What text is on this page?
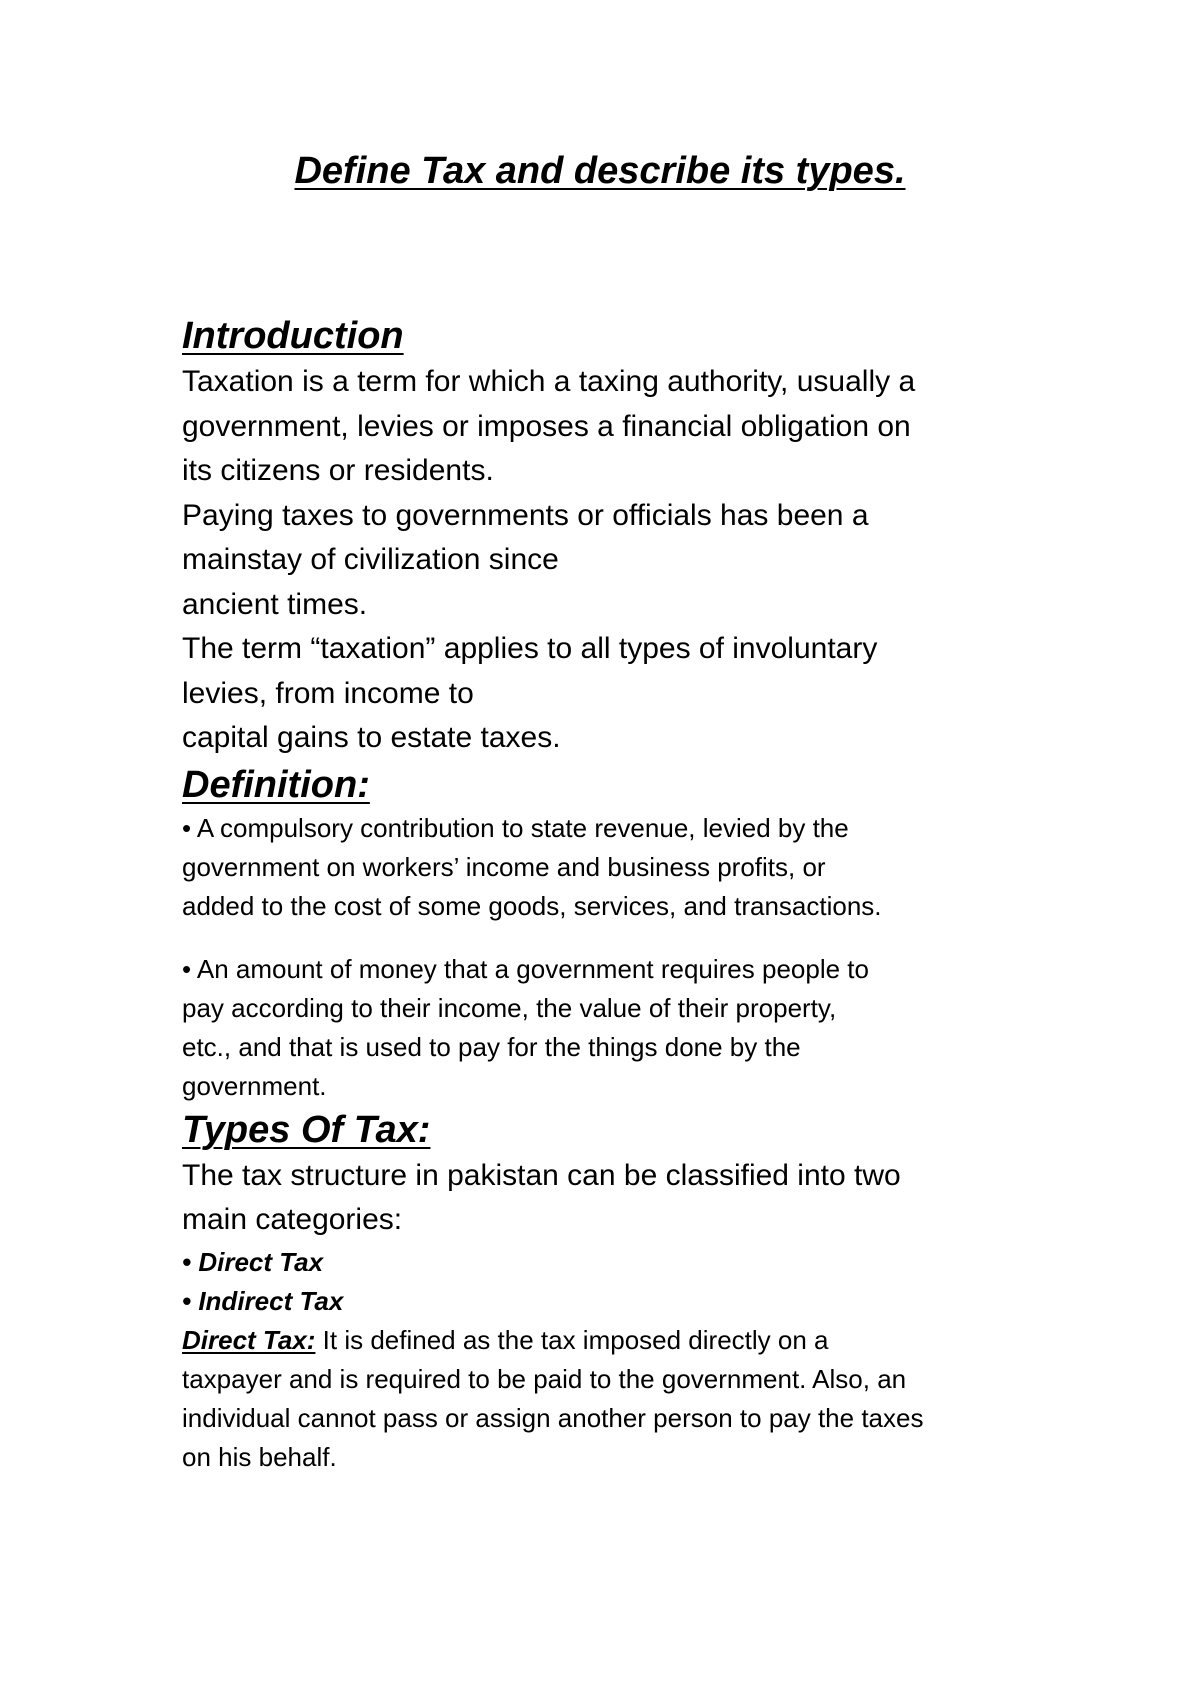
Define Tax and describe its types.
Introduction

Taxation is a term for which a taxing authority, usually a

government, levies or imposes a financial obligation on

its citizens or residents.

Paying taxes to governments or officials has been a

mainstay of civilization since

ancient times.

The term “taxation” applies to all types of involuntary

levies, from income to

capital gains to estate taxes.

Definition:

• A compulsory contribution to state revenue, levied by the

government on workers’ income and business profits, or

added to the cost of some goods, services, and transactions.

• An amount of money that a government requires people to

pay according to their income, the value of their property,

etc., and that is used to pay for the things done by the

government.

Types Of Tax:

The tax structure in pakistan can be classified into two

main categories:

• Direct Tax

• Indirect Tax

Direct Tax: It is defined as the tax imposed directly on a

taxpayer and is required to be paid to the government. Also, an

individual cannot pass or assign another person to pay the taxes

on his behalf.
